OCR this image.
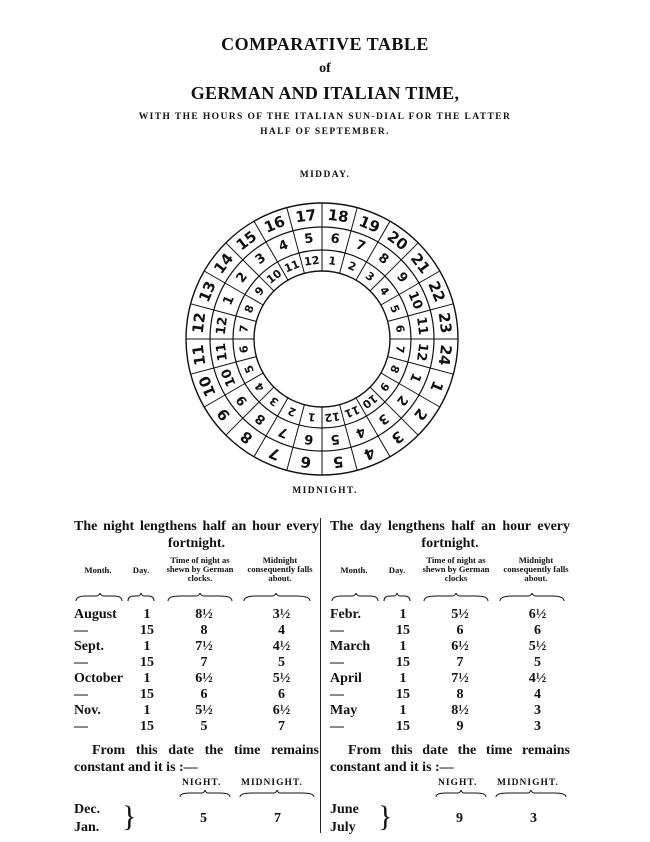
COMPARATIVE TABLE
of
GERMAN AND ITALIAN TIME,
WITH THE HOURS OF THE ITALIAN SUN-DIAL FOR THE LATTER
HALF OF SEPTEMBER.
MIDDAY.
18 19
20
21
22
23
24
1
2
3
4
5
6
7
8
9
10
11
12
13
14
15
16 17
6 7
8
9
10
11
12
1
2
3
4
5
6
7
8
9
10
11
12
1
2
3
4 5
1 2
3
4
5
6
7
8
9
10
11
12
1
2
3
4
5
6
7
8
9
10
11 12
MIDNIGHT.
The night lengthens half an hour every fortnight.
Month.	Day.
Time of night as shewn by German clocks.
Midnight consequently falls about.
August	1	8½	3½
—	15	8	4
Sept.	1	7½	4½
—	15	7	5
October	1	6½	5½
—	15	6	6
Nov.	1	5½	6½
—	15	5	7
From this date the time remains constant and it is :—
NIGHT. MIDNIGHT.
Dec.
Jan. }	5	7
The day lengthens half an hour every fortnight.
Month.	Day.
Time of night as shewn by German clocks
Midnight consequently falls about.
Febr.	1	5½	6½
—	15	6	6
March	1	6½	5½
—	15	7	5
April	1	7½	4½
—	15	8	4
May	1	8½	3
—	15	9	3
From this date the time remains constant and it is :—
NIGHT. MIDNIGHT.
June
July }	9	3
